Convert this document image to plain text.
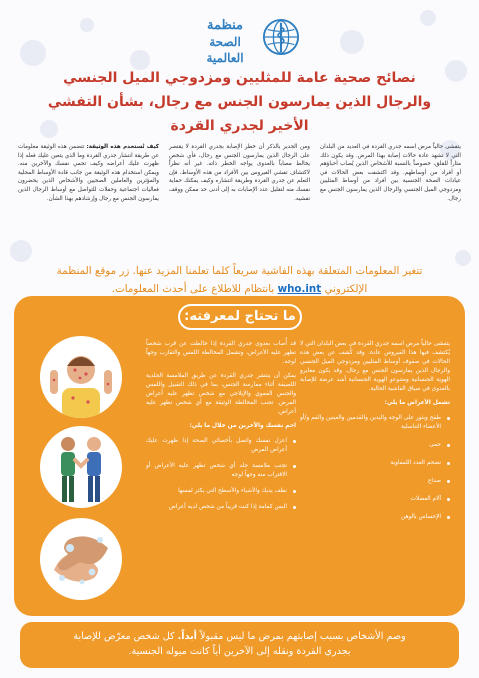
منظمة
الصحة العالمية
نصائح صحية عامة للمثليين ومزدوجي الميل الجنسي
والرجال الذين يمارسون الجنس مع رجال، بشأن التفشي
الأخير لجدري القردة

يتفشى حالياً مرض اسمه جدري القردة في العديد من البلدان التي لا تشهد عادة حالات إصابة بهذا المرض. وقد يكون ذلك مثاراً للقلق، خصوصاً بالنسبة للأشخاص الذين يُصاب أحباؤهم أو أفراد من أوساطهم. وقد اكتشفت بعض الحالات في عيادات الصحة الجنسية بين أفراد من أوساط المثليين ومزدوجي الميل الجنسي والرجال الذين يمارسون الجنس مع رجال.

ومن الجدير بالذكر أن خطر الإصابة بجدري القردة لا يقتصر على الرجال الذين يمارسون الجنس مع رجال، فأي شخص يخالط مصاباً بالعدوى يواجه الخطر ذاته. غير أنه نظراً لاكتشاف تفشي الفيروس بين الأفراد من هذه الأوساط، فإن التعلم عن جدري القردة وطريقة انتشاره وكيف يمكنك حماية نفسك منه لتقليل عدد الإصابات به إلى أدنى حد ممكن ووقف تفشيه.

كيف تُستخدم هذه الوثيقة: تتضمن هذه الوثيقة معلومات عن طريقة انتشار جدري القردة وما الذي يتعين عليك فعله إذا ظهرت عليك أعراضه وكيف تحمي نفسك والآخرين منه. ويمكن استخدام هذه الوثيقة من جانب قادة الأوساط المحلية والمؤثرين والعاملين الصحيين والأشخاص الذين يحضرون فعاليات اجتماعية وحفلات للتواصل مع أوساط الرجال الذين يمارسون الجنس مع رجال وإرشادهم بهذا الشأن.

تتغير المعلومات المتعلقة بهذه الفاشية سريعاً كلما تعلمنا المزيد عنها. زر موقع المنظمة
الإلكتروني who.int بانتظام للاطلاع على أحدث المعلومات.
ما تحتاج لمعرفته:

يتفشى حالياً مرض اسمه جدري القردة في بعض البلدان التي لا يُكتشف فيها هذا الفيروس عادة. وقد كُشف عن بعض هذه الحالات في صفوف أوساط المثليين ومزدوجي الميل الجنسي والرجال الذين يمارسون الجنس مع رجال. وقد يكون مغايرو الهوية الجنسانية ومتنوعو الهوية الجنسانية أشد عرضة للإصابة بالعدوى في سياق الفاشية الحالية.

تشمل الأعراض ما يلي:
طفح وبثور على الوجه واليدين والقدمين والعينين والفم و/أو الأعضاء التناسلية
حمى
تضخم الغدد اللمفاوية
صداع
آلام العضلات
الإحساس بالوهن

قد أُصاب بعدوى جدري القردة إذا خالطت عن قرب شخصاً تظهر عليه الأعراض، وتشمل المخالطة اللمس والتقارب وجهاً لوجه.

يمكن أن ينتشر جدري القردة عن طريق الملامسة الجلدية اللصيقة أثناء ممارسة الجنس، بما في ذلك التقبيل واللمس والجنس الفموي والإيلاجي مع شخص تظهر عليه أعراض المرض. تجنب المخالطة الوثيقة مع أي شخص تظهر عليه أعراض.

احمِ نفسك والآخرين من خلال ما يلي:
اعزل نفسك واتصل بأخصائي الصحة إذا ظهرت عليك أعراض المرض
تجنب ملامسة جلد أي شخص تظهر عليه الأعراض أو الاقتراب منه وجهاً لوجه
نظف يديك والأشياء والأسطح التي يكثر لمسها
البس كمامة إذا كنت قريباً من شخص لديه أعراض
وصم الأشخاص بسبب إصابتهم بمرض ما ليس مقبولاً أبداً. كل شخص معرّض للإصابة
بجدري القردة ونقله إلى الآخرين أياً كانت ميوله الجنسية.
